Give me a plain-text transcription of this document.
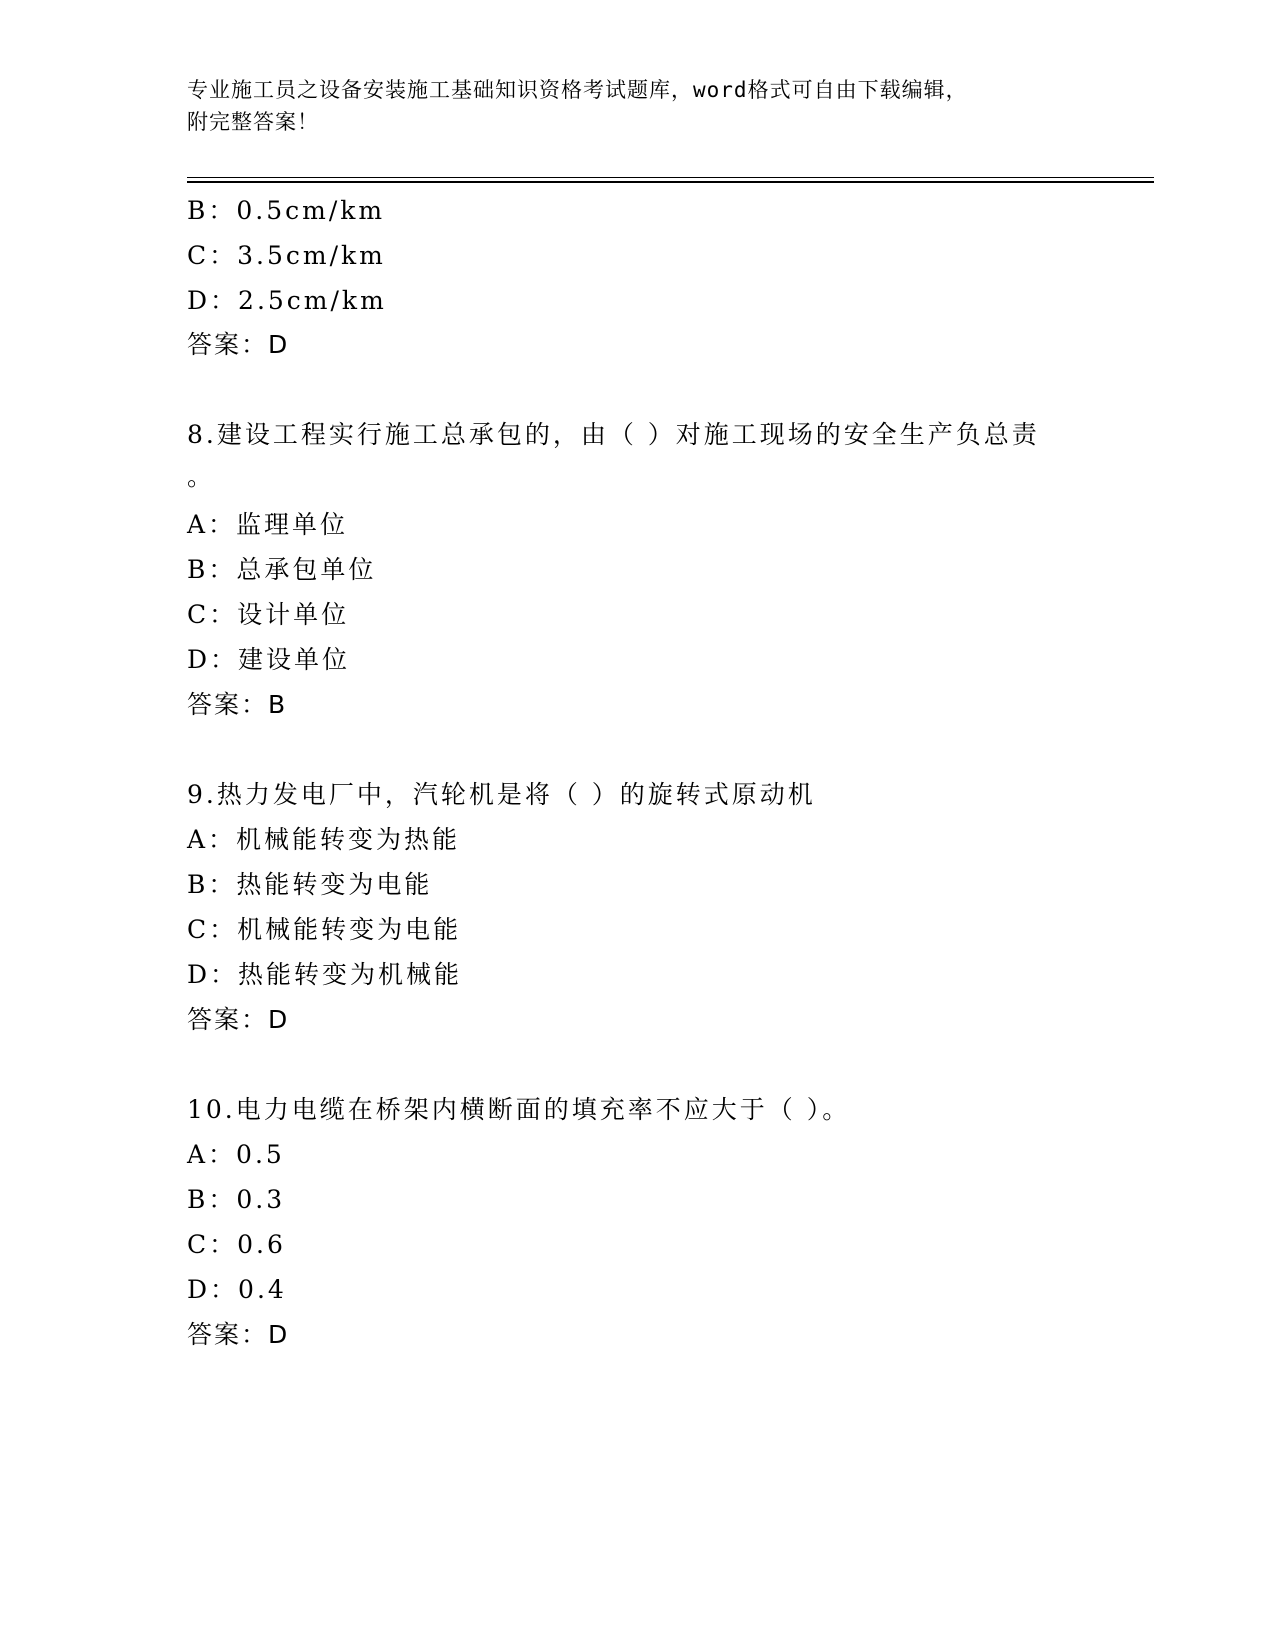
专业施工员之设备安装施工基础知识资格考试题库，word格式可自由下载编辑，
附完整答案！
B：0.5cm/km
C：3.5cm/km
D：2.5cm/km
答案：D
8.建设工程实行施工总承包的，由（ ）对施工现场的安全生产负总责
。
A：监理单位
B：总承包单位
C：设计单位
D：建设单位
答案：B
9.热力发电厂中，汽轮机是将（ ）的旋转式原动机
A：机械能转变为热能
B：热能转变为电能
C：机械能转变为电能
D：热能转变为机械能
答案：D
10.电力电缆在桥架内横断面的填充率不应大于（ ）。
A：0.5
B：0.3
C：0.6
D：0.4
答案：D
